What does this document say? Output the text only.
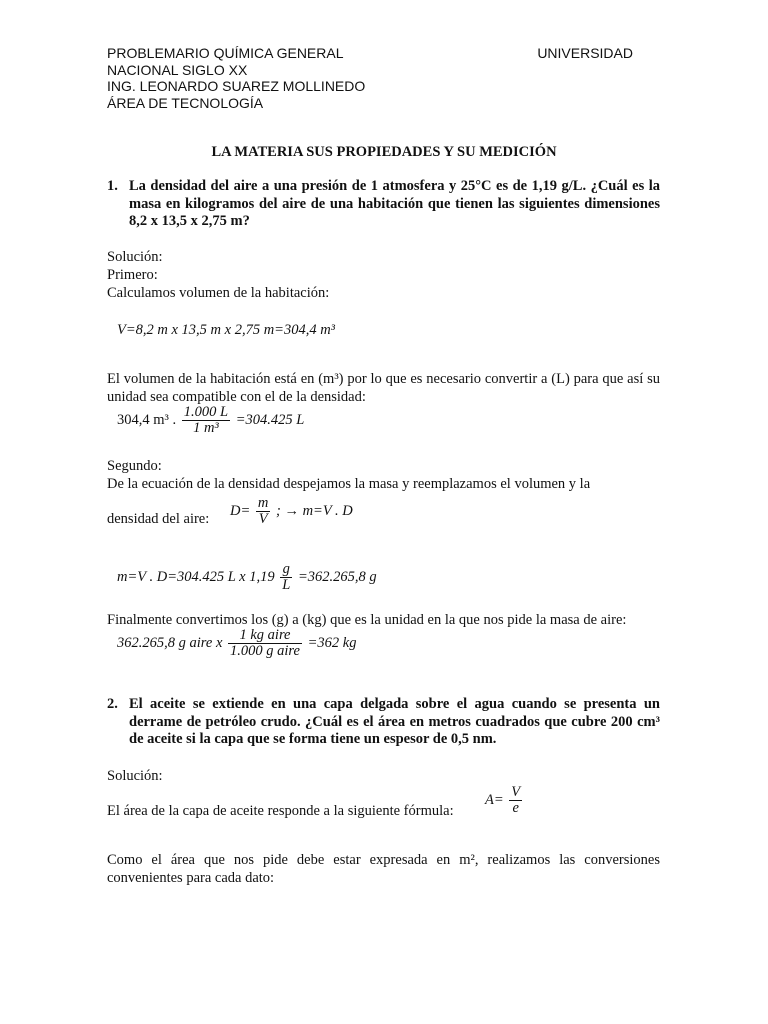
PROBLEMARIO QUÍMICA GENERAL	UNIVERSIDAD
NACIONAL SIGLO XX
ING. LEONARDO SUAREZ MOLLINEDO
ÁREA DE TECNOLOGÍA
LA MATERIA SUS PROPIEDADES Y SU MEDICIÓN
1. La densidad del aire a una presión de 1 atmosfera y 25°C es de 1,19 g/L. ¿Cuál es la masa en kilogramos del aire de una habitación que tienen las siguientes dimensiones 8,2 x 13,5 x 2,75 m?
Solución:
Primero:
Calculamos volumen de la habitación:
V=8,2 m x 13,5 m x 2,75 m=304,4 m³
El volumen de la habitación está en (m³) por lo que es necesario convertir a (L) para que así su unidad sea compatible con el de la densidad:
304,4 m³ . $\frac{1.000 L}{\text{1 m³}} =304.425$ L
Segundo:
De la ecuación de la densidad despejamos la masa y reemplazamos el volumen y la
densidad del aire:
$D= \frac{m}{V}$ ; → m=V . D
m=V . D=304.425 L x $1,19 \frac{g}{L} =362.265,8$ g
Finalmente convertimos los (g) a (kg) que es la unidad en la que nos pide la masa de aire:
362.265,8 g aire x $\frac{\text{1 kg aire}}{\text{1.000 g aire}} =362$ kg
2. El aceite se extiende en una capa delgada sobre el agua cuando se presenta un derrame de petróleo crudo. ¿Cuál es el área en metros cuadrados que cubre 200 cm³ de aceite si la capa que se forma tiene un espesor de 0,5 nm.
Solución:
El área de la capa de aceite responde a la siguiente fórmula:
$A= \frac{V}{e}$
Como el área que nos pide debe estar expresada en m², realizamos las conversiones convenientes para cada dato:
